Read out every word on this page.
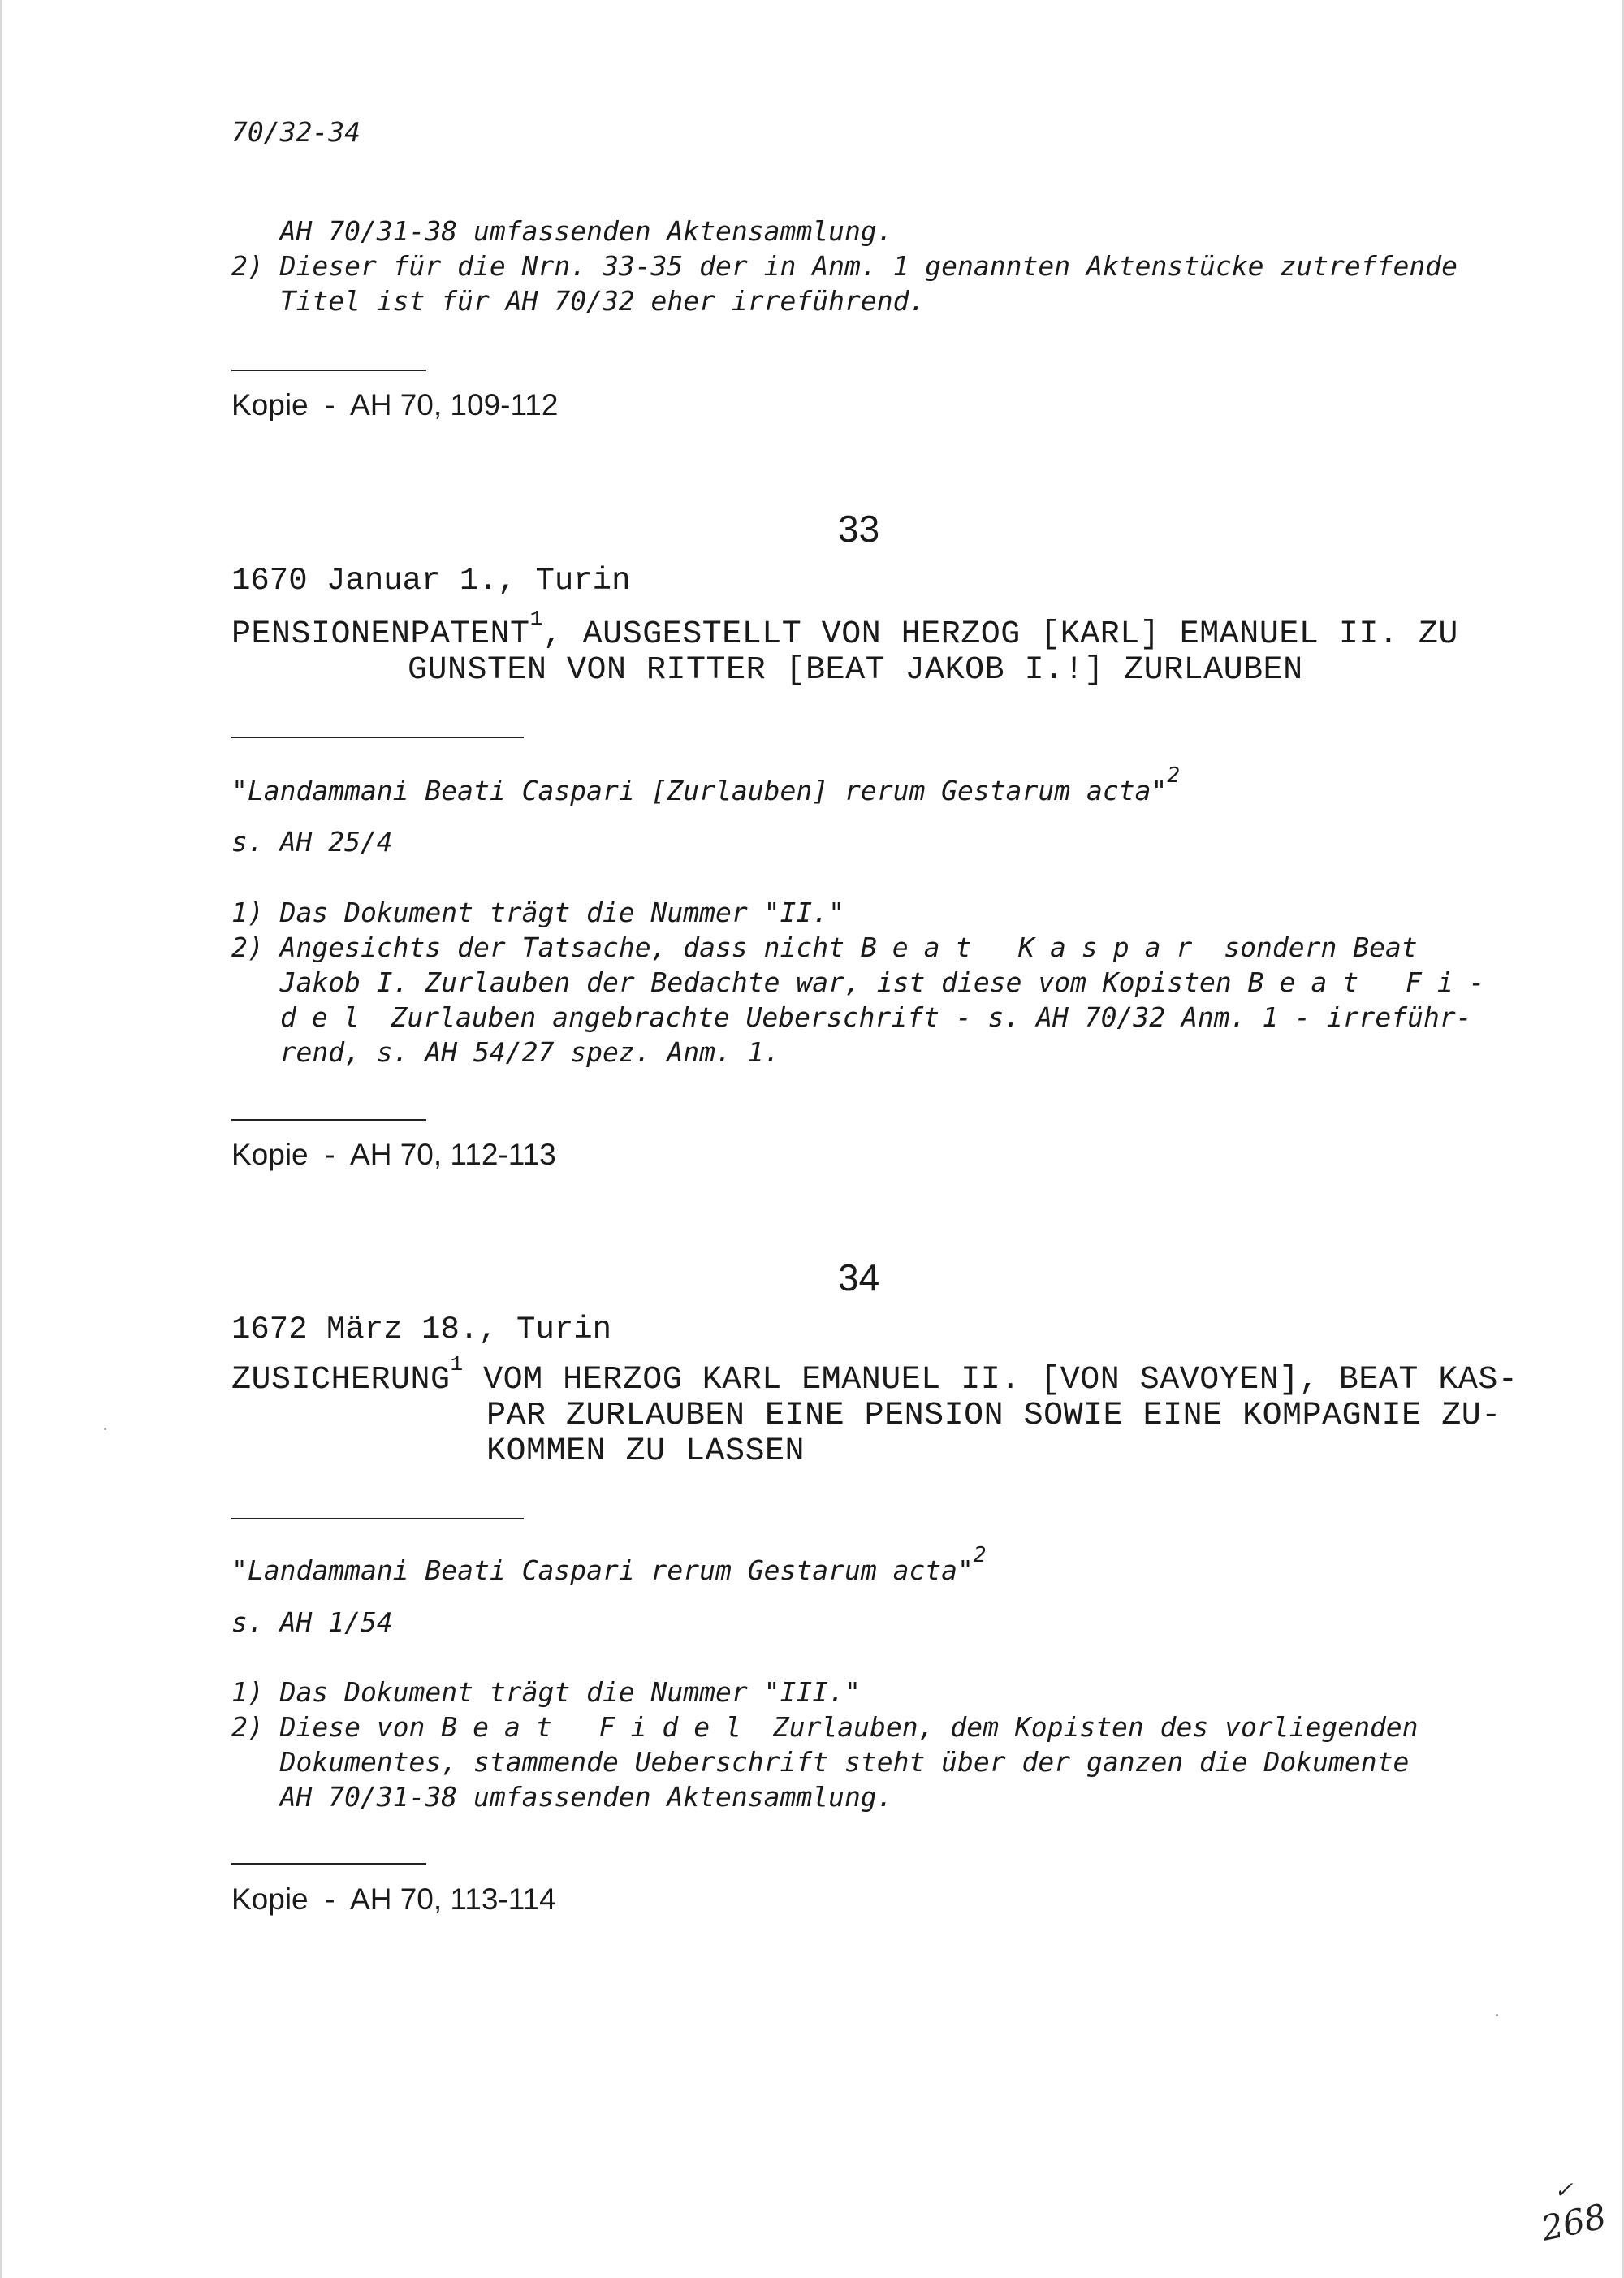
70/32-34
AH 70/31-38 umfassenden Aktensammlung.
2) Dieser für die Nrn. 33-35 der in Anm. 1 genannten Aktenstücke zutreffende
Titel ist für AH 70/32 eher irreführend.
Kopie  -  AH 70, 109-112
33
1670 Januar 1., Turin
PENSIONENPATENT$^1$, AUSGESTELLT VON HERZOG [KARL] EMANUEL II. ZU
GUNSTEN VON RITTER [BEAT JAKOB I.!] ZURLAUBEN
"Landammani Beati Caspari [Zurlauben] rerum Gestarum acta"$^2$
s. AH 25/4
1) Das Dokument trägt die Nummer "II."
2) Angesichts der Tatsache, dass nicht Beat Kaspar sondern Beat
Jakob I. Zurlauben der Bedachte war, ist diese vom Kopisten Beat Fi-
del Zurlauben angebrachte Ueberschrift - s. AH 70/32 Anm. 1 - irreführ-
rend, s. AH 54/27 spez. Anm. 1.
Kopie  -  AH 70, 112-113
34
1672 März 18., Turin
ZUSICHERUNG$^1$ VOM HERZOG KARL EMANUEL II. [VON SAVOYEN], BEAT KAS-
PAR ZURLAUBEN EINE PENSION SOWIE EINE KOMPAGNIE ZU-
KOMMEN ZU LASSEN
"Landammani Beati Caspari rerum Gestarum acta"$^2$
s. AH 1/54
1) Das Dokument trägt die Nummer "III."
2) Diese von Beat Fidel Zurlauben, dem Kopisten des vorliegenden
Dokumentes, stammende Ueberschrift steht über der ganzen die Dokumente
AH 70/31-38 umfassenden Aktensammlung.
Kopie  -  AH 70, 113-114
✓
268
